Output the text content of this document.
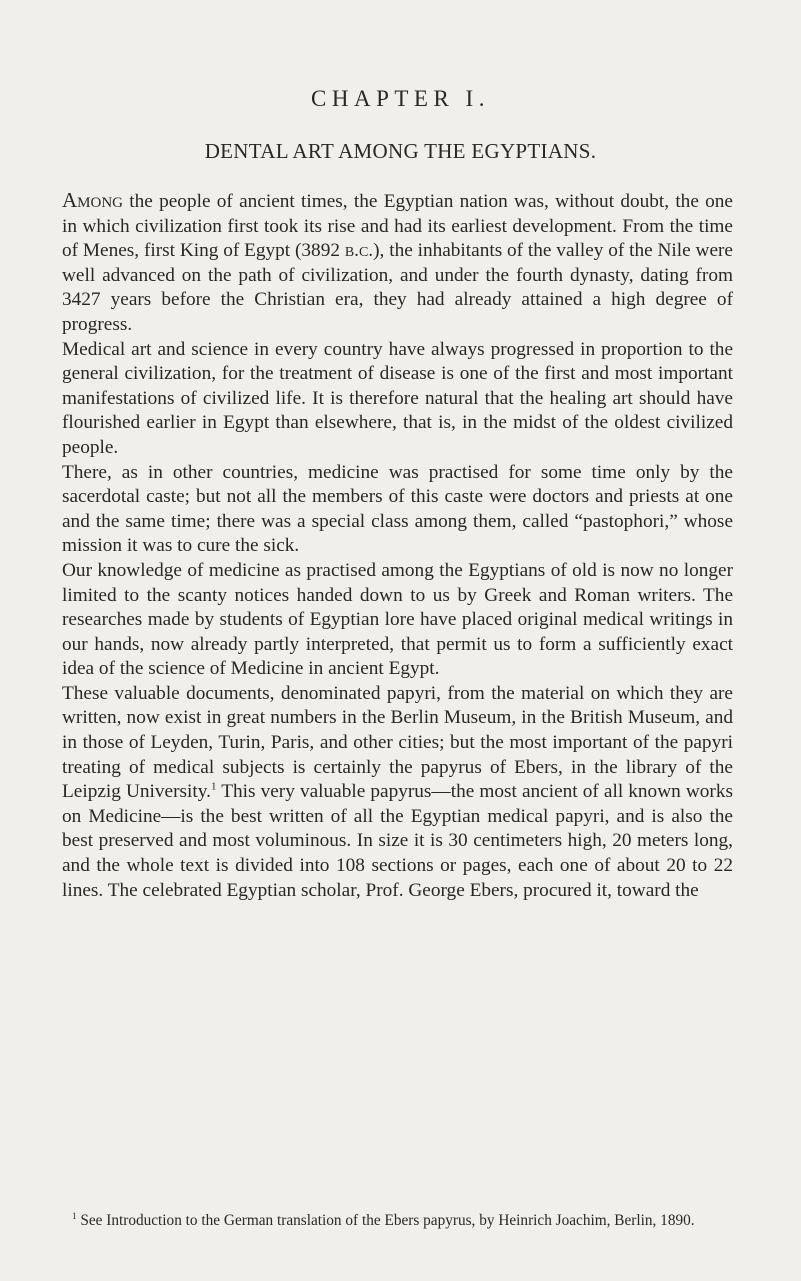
CHAPTER I.
DENTAL ART AMONG THE EGYPTIANS.

Among the people of ancient times, the Egyptian nation was, without doubt, the one in which civilization first took its rise and had its earliest development. From the time of Menes, first King of Egypt (3892 b.c.), the inhabitants of the valley of the Nile were well advanced on the path of civilization, and under the fourth dynasty, dating from 3427 years before the Christian era, they had already attained a high degree of progress.

Medical art and science in every country have always progressed in proportion to the general civilization, for the treatment of disease is one of the first and most important manifestations of civilized life. It is therefore natural that the healing art should have flourished earlier in Egypt than elsewhere, that is, in the midst of the oldest civilized people.

There, as in other countries, medicine was practised for some time only by the sacerdotal caste; but not all the members of this caste were doctors and priests at one and the same time; there was a special class among them, called “pastophori,” whose mission it was to cure the sick.

Our knowledge of medicine as practised among the Egyptians of old is now no longer limited to the scanty notices handed down to us by Greek and Roman writers. The researches made by students of Egyptian lore have placed original medical writings in our hands, now already partly interpreted, that permit us to form a sufficiently exact idea of the science of Medicine in ancient Egypt.

These valuable documents, denominated papyri, from the material on which they are written, now exist in great numbers in the Berlin Museum, in the British Museum, and in those of Leyden, Turin, Paris, and other cities; but the most important of the papyri treating of medical subjects is certainly the papyrus of Ebers, in the library of the Leipzig University.$^1$ This very valuable papyrus—the most ancient of all known works on Medicine—is the best written of all the Egyptian medical papyri, and is also the best preserved and most voluminous. In size it is 30 centimeters high, 20 meters long, and the whole text is divided into 108 sections or pages, each one of about 20 to 22 lines. The celebrated Egyptian scholar, Prof. George Ebers, procured it, toward the

$^1$ See Introduction to the German translation of the Ebers papyrus, by Heinrich Joachim, Berlin, 1890.
